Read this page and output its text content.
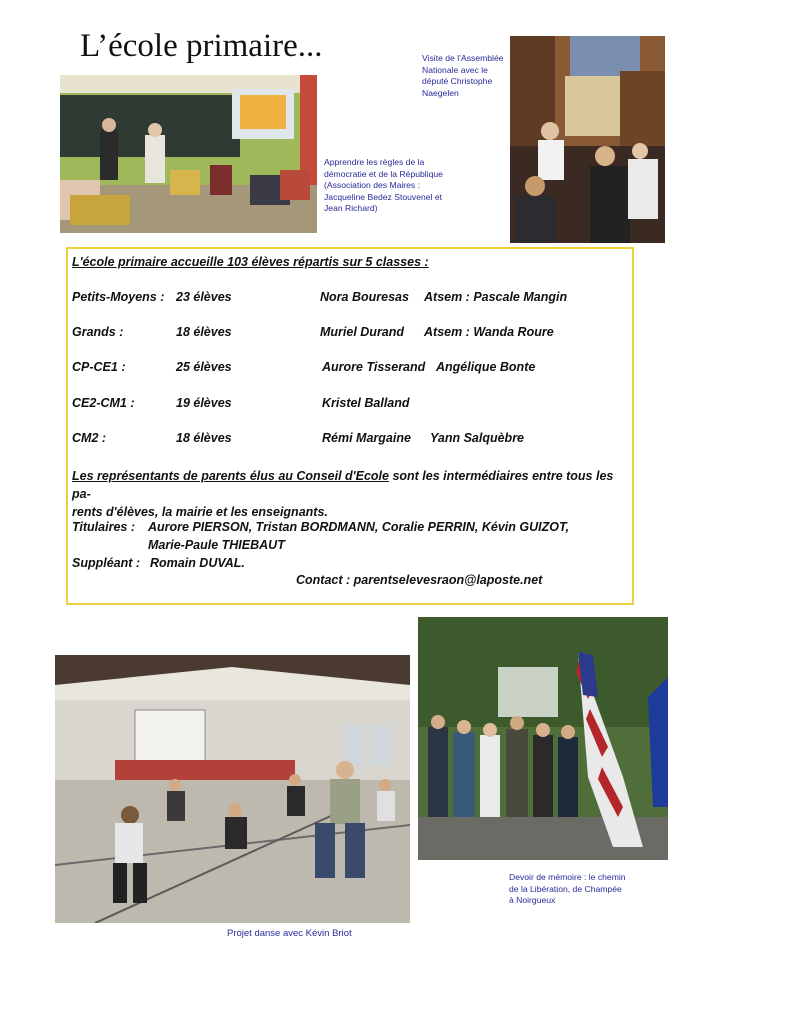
L’école primaire...	Visite de l’Assemblée
Nationale avec le
député Christophe
Naegelen
Apprendre les règles de la
démocratie et de la République
(Association des Maires :
Jacqueline Bedez Stouvenel et
Jean Richard)
L'école primaire accueille 103 élèves répartis sur 5 classes :
Petits-Moyens : 23 élèves	Nora Bouresas Atsem : Pascale Mangin
Grands :	18 élèves	Muriel Durand Atsem : Wanda Roure
CP-CE1 :	25 élèves	Aurore Tisserand Angélique Bonte
CE2-CM1 :	19 élèves	Kristel Balland
CM2 :	18 élèves	Rémi Margaine Yann Salquèbre
Les représentants de parents élus au Conseil d'Ecole sont les intermédiaires entre tous les pa-
rents d'élèves, la mairie et les enseignants.
Titulaires : Aurore PIERSON, Tristan BORDMANN, Coralie PERRIN, Kévin GUIZOT,
Marie-Paule THIEBAUT
Suppléant : Romain DUVAL.
Contact : parentselevesraon@laposte.net
Devoir de mémoire : le chemin
de la Libération, de Champée
à Noirgueux
Projet danse avec Kévin Briot
